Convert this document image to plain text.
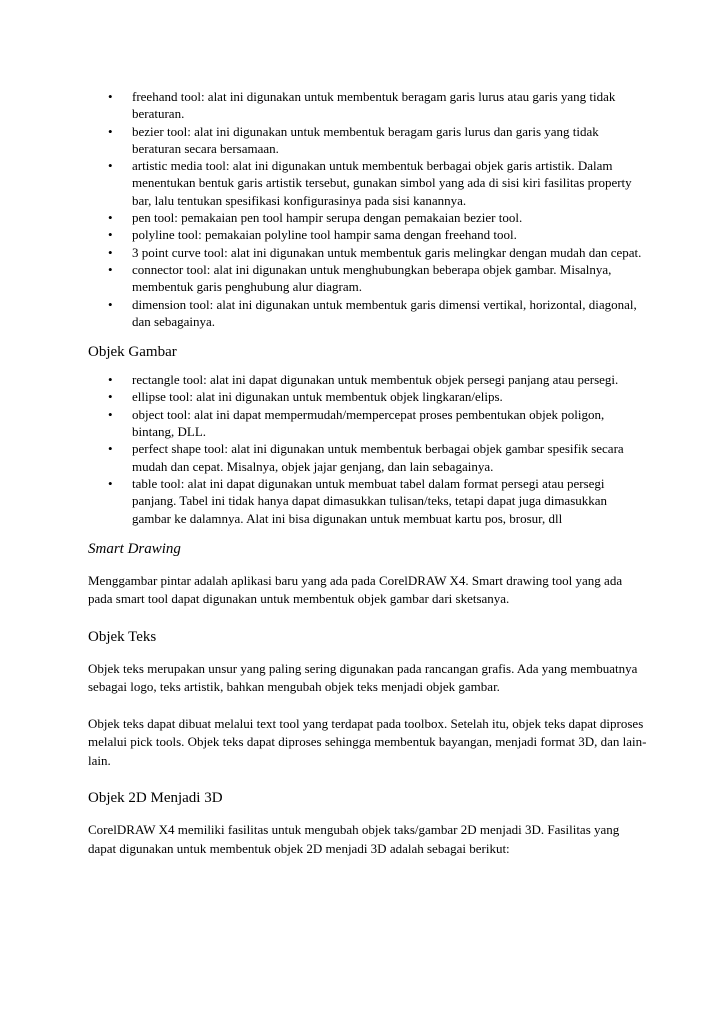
• freehand tool: alat ini digunakan untuk membentuk beragam garis lurus atau garis yang tidak beraturan.
• bezier tool: alat ini digunakan untuk membentuk beragam garis lurus dan garis yang tidak beraturan secara bersamaan.
• artistic media tool: alat ini digunakan untuk membentuk berbagai objek garis artistik. Dalam menentukan bentuk garis artistik tersebut, gunakan simbol yang ada di sisi kiri fasilitas property bar, lalu tentukan spesifikasi konfigurasinya pada sisi kanannya.
• pen tool: pemakaian pen tool hampir serupa dengan pemakaian bezier tool.
• polyline tool: pemakaian polyline tool hampir sama dengan freehand tool.
• 3 point curve tool: alat ini digunakan untuk membentuk garis melingkar dengan mudah dan cepat.
• connector tool: alat ini digunakan untuk menghubungkan beberapa objek gambar. Misalnya, membentuk garis penghubung alur diagram.
• dimension tool: alat ini digunakan untuk membentuk garis dimensi vertikal, horizontal, diagonal, dan sebagainya.
Objek Gambar
• rectangle tool: alat ini dapat digunakan untuk membentuk objek persegi panjang atau persegi.
• ellipse tool: alat ini digunakan untuk membentuk objek lingkaran/elips.
• object tool: alat ini dapat mempermudah/mempercepat proses pembentukan objek poligon, bintang, DLL.
• perfect shape tool: alat ini digunakan untuk membentuk berbagai objek gambar spesifik secara mudah dan cepat. Misalnya, objek jajar genjang, dan lain sebagainya.
• table tool: alat ini dapat digunakan untuk membuat tabel dalam format persegi atau persegi panjang. Tabel ini tidak hanya dapat dimasukkan tulisan/teks, tetapi dapat juga dimasukkan gambar ke dalamnya. Alat ini bisa digunakan untuk membuat kartu pos, brosur, dll
Smart Drawing

Menggambar pintar adalah aplikasi baru yang ada pada CorelDRAW X4. Smart drawing tool yang ada pada smart tool dapat digunakan untuk membentuk objek gambar dari sketsanya.

Objek Teks

Objek teks merupakan unsur yang paling sering digunakan pada rancangan grafis. Ada yang membuatnya sebagai logo, teks artistik, bahkan mengubah objek teks menjadi objek gambar.

Objek teks dapat dibuat melalui text tool yang terdapat pada toolbox. Setelah itu, objek teks dapat diproses melalui pick tools. Objek teks dapat diproses sehingga membentuk bayangan, menjadi format 3D, dan lain-lain.

Objek 2D Menjadi 3D

CorelDRAW X4 memiliki fasilitas untuk mengubah objek taks/gambar 2D menjadi 3D. Fasilitas yang dapat digunakan untuk membentuk objek 2D menjadi 3D adalah sebagai berikut:
